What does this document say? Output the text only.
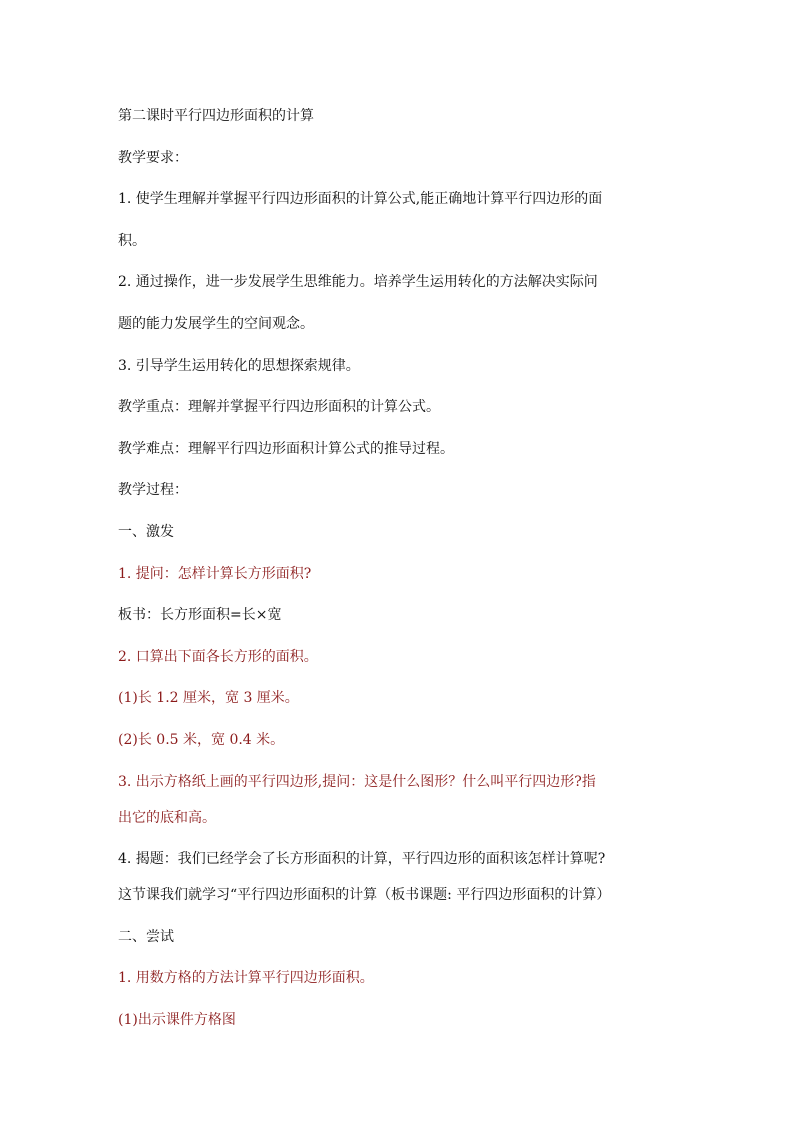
第二课时平行四边形面积的计算
教学要求：
1. 使学生理解并掌握平行四边形面积的计算公式,能正确地计算平行四边形的面
积。
2. 通过操作，进一步发展学生思维能力。培养学生运用转化的方法解决实际问
题的能力发展学生的空间观念。
3. 引导学生运用转化的思想探索规律。
教学重点：理解并掌握平行四边形面积的计算公式。
教学难点：理解平行四边形面积计算公式的推导过程。
教学过程：
一、激发
1. 提问：怎样计算长方形面积?
板书：长方形面积=长×宽
2. 口算出下面各长方形的面积。
(1)长 1.2 厘米，宽 3 厘米。
(2)长 0.5 米，宽 0.4 米。
3. 出示方格纸上画的平行四边形,提问：这是什么图形？什么叫平行四边形?指
出它的底和高。
4. 揭题：我们已经学会了长方形面积的计算，平行四边形的面积该怎样计算呢?
这节课我们就学习“平行四边形面积的计算（板书课题: 平行四边形面积的计算）
二、尝试
1. 用数方格的方法计算平行四边形面积。
(1)出示课件方格图
